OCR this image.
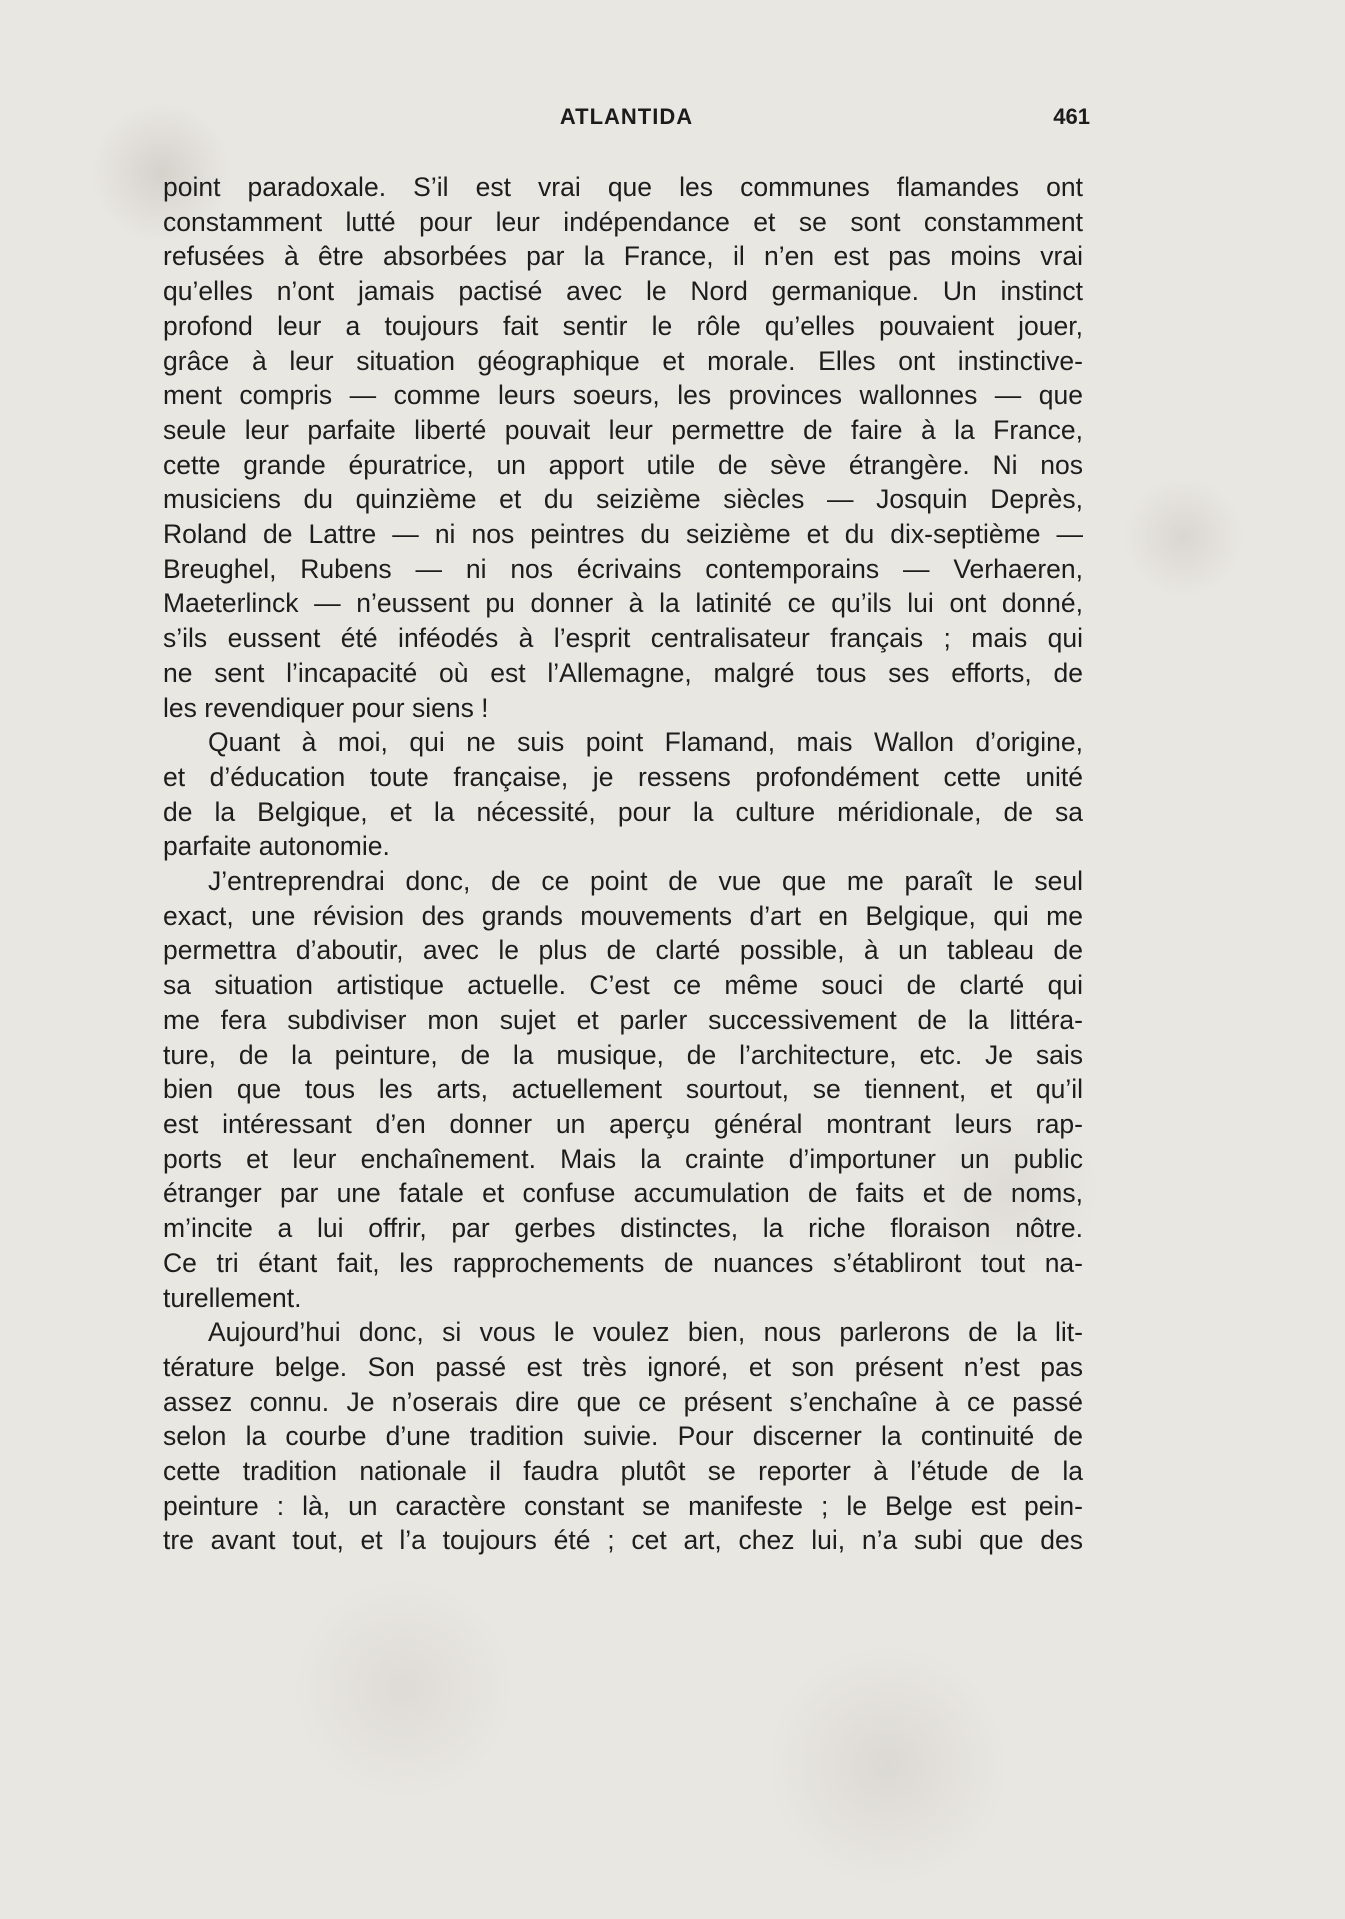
ATLANTIDA	461

point paradoxale. S’il est vrai que les communes flamandes ont

constamment lutté pour leur indépendance et se sont constamment

refusées à être absorbées par la France, il n’en est pas moins vrai

qu’elles n’ont jamais pactisé avec le Nord germanique. Un instinct

profond leur a toujours fait sentir le rôle qu’elles pouvaient jouer,

grâce à leur situation géographique et morale. Elles ont instinctive-

ment compris — comme leurs soeurs, les provinces wallonnes — que

seule leur parfaite liberté pouvait leur permettre de faire à la France,

cette grande épuratrice, un apport utile de sève étrangère. Ni nos

musiciens du quinzième et du seizième siècles — Josquin Deprès,

Roland de Lattre — ni nos peintres du seizième et du dix-septième —

Breughel, Rubens — ni nos écrivains contemporains — Verhaeren,

Maeterlinck — n’eussent pu donner à la latinité ce qu’ils lui ont donné,

s’ils eussent été inféodés à l’esprit centralisateur français ; mais qui

ne sent l’incapacité où est l’Allemagne, malgré tous ses efforts, de

les revendiquer pour siens !

Quant à moi, qui ne suis point Flamand, mais Wallon d’origine,

et d’éducation toute française, je ressens profondément cette unité

de la Belgique, et la nécessité, pour la culture méridionale, de sa

parfaite autonomie.

J’entreprendrai donc, de ce point de vue que me paraît le seul

exact, une révision des grands mouvements d’art en Belgique, qui me

permettra d’aboutir, avec le plus de clarté possible, à un tableau de

sa situation artistique actuelle. C’est ce même souci de clarté qui

me fera subdiviser mon sujet et parler successivement de la littéra-

ture, de la peinture, de la musique, de l’architecture, etc. Je sais

bien que tous les arts, actuellement sourtout, se tiennent, et qu’il

est intéressant d’en donner un aperçu général montrant leurs rap-

ports et leur enchaînement. Mais la crainte d’importuner un public

étranger par une fatale et confuse accumulation de faits et de noms,

m’incite a lui offrir, par gerbes distinctes, la riche floraison nôtre.

Ce tri étant fait, les rapprochements de nuances s’établiront tout na-

turellement.

Aujourd’hui donc, si vous le voulez bien, nous parlerons de la lit-

térature belge. Son passé est très ignoré, et son présent n’est pas

assez connu. Je n’oserais dire que ce présent s’enchaîne à ce passé

selon la courbe d’une tradition suivie. Pour discerner la continuité de

cette tradition nationale il faudra plutôt se reporter à l’étude de la

peinture : là, un caractère constant se manifeste ; le Belge est pein-

tre avant tout, et l’a toujours été ; cet art, chez lui, n’a subi que des
